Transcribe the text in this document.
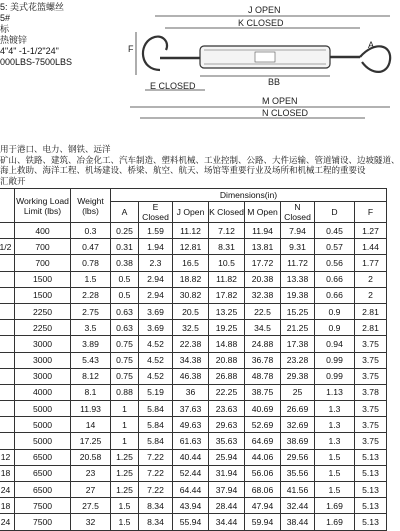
5: 美式花篮螺丝
5#
标
热镀锌
4"4" -1-1/2"24"
000LBS-7500LBS
J OPEN
K CLOSED
F	A
E CLOSED	BB
M OPEN
N CLOSED
用于港口、电力、钢铁、远洋
矿山、铁路、建筑、冶金化工、汽车制造、塑料机械、工业控制、公路、大件运输、管道铺设、边坡隧道、
海上救助、海洋工程、机场建设、桥梁、航空、航天、场馆等重要行业及场所和机械工程的重要设
汇敞开
	Working Load Limit (lbs)	Weight (lbs)	Dimensions(in)							
			A	E Closed	J Open	K Closed	M Open	N Closed	D	F
	400	0.3	0.25	1.59	11.12	7.12	11.94	7.94	0.45	1.27
1/2	700	0.47	0.31	1.94	12.81	8.31	13.81	9.31	0.57	1.44
	700	0.78	0.38	2.3	16.5	10.5	17.72	11.72	0.56	1.77
	1500	1.5	0.5	2.94	18.82	11.82	20.38	13.38	0.66	2
	1500	2.28	0.5	2.94	30.82	17.82	32.38	19.38	0.66	2
	2250	2.75	0.63	3.69	20.5	13.25	22.5	15.25	0.9	2.81
	2250	3.5	0.63	3.69	32.5	19.25	34.5	21.25	0.9	2.81
	3000	3.89	0.75	4.52	22.38	14.88	24.88	17.38	0.94	3.75
	3000	5.43	0.75	4.52	34.38	20.88	36.78	23.28	0.99	3.75
	3000	8.12	0.75	4.52	46.38	26.88	48.78	29.38	0.99	3.75
	4000	8.1	0.88	5.19	36	22.25	38.75	25	1.13	3.78
	5000	11.93	1	5.84	37.63	23.63	40.69	26.69	1.3	3.75
	5000	14	1	5.84	49.63	29.63	52.69	32.69	1.3	3.75
	5000	17.25	1	5.84	61.63	35.63	64.69	38.69	1.3	3.75
12	6500	20.58	1.25	7.22	40.44	25.94	44.06	29.56	1.5	5.13
18	6500	23	1.25	7.22	52.44	31.94	56.06	35.56	1.5	5.13
24	6500	27	1.25	7.22	64.44	37.94	68.06	41.56	1.5	5.13
18	7500	27.5	1.5	8.34	43.94	28.44	47.94	32.44	1.69	5.13
24	7500	32	1.5	8.34	55.94	34.44	59.94	38.44	1.69	5.13
